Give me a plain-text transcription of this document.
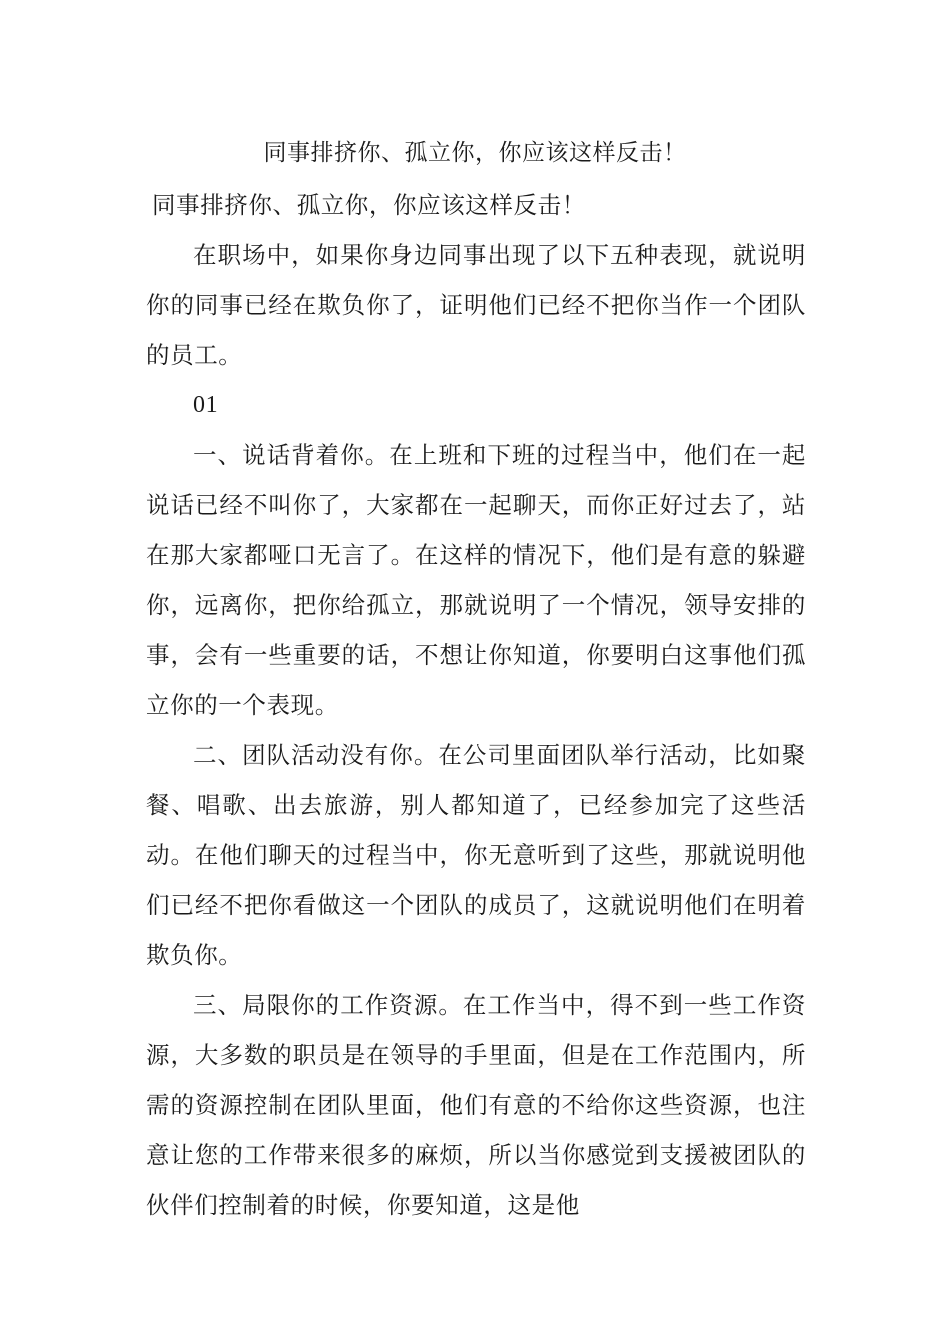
同事排挤你、孤立你，你应该这样反击！

同事排挤你、孤立你，你应该这样反击！

在职场中，如果你身边同事出现了以下五种表现，就说明你的同事已经在欺负你了，证明他们已经不把你当作一个团队的员工。

01

一、说话背着你。在上班和下班的过程当中，他们在一起说话已经不叫你了，大家都在一起聊天，而你正好过去了，站在那大家都哑口无言了。在这样的情况下，他们是有意的躲避你，远离你，把你给孤立，那就说明了一个情况，领导安排的事，会有一些重要的话，不想让你知道，你要明白这事他们孤立你的一个表现。

二、团队活动没有你。在公司里面团队举行活动，比如聚餐、唱歌、出去旅游，别人都知道了，已经参加完了这些活动。在他们聊天的过程当中，你无意听到了这些，那就说明他们已经不把你看做这一个团队的成员了，这就说明他们在明着欺负你。

三、局限你的工作资源。在工作当中，得不到一些工作资源，大多数的职员是在领导的手里面，但是在工作范围内，所需的资源控制在团队里面，他们有意的不给你这些资源，也注意让您的工作带来很多的麻烦，所以当你感觉到支援被团队的伙伴们控制着的时候，你要知道，这是他
